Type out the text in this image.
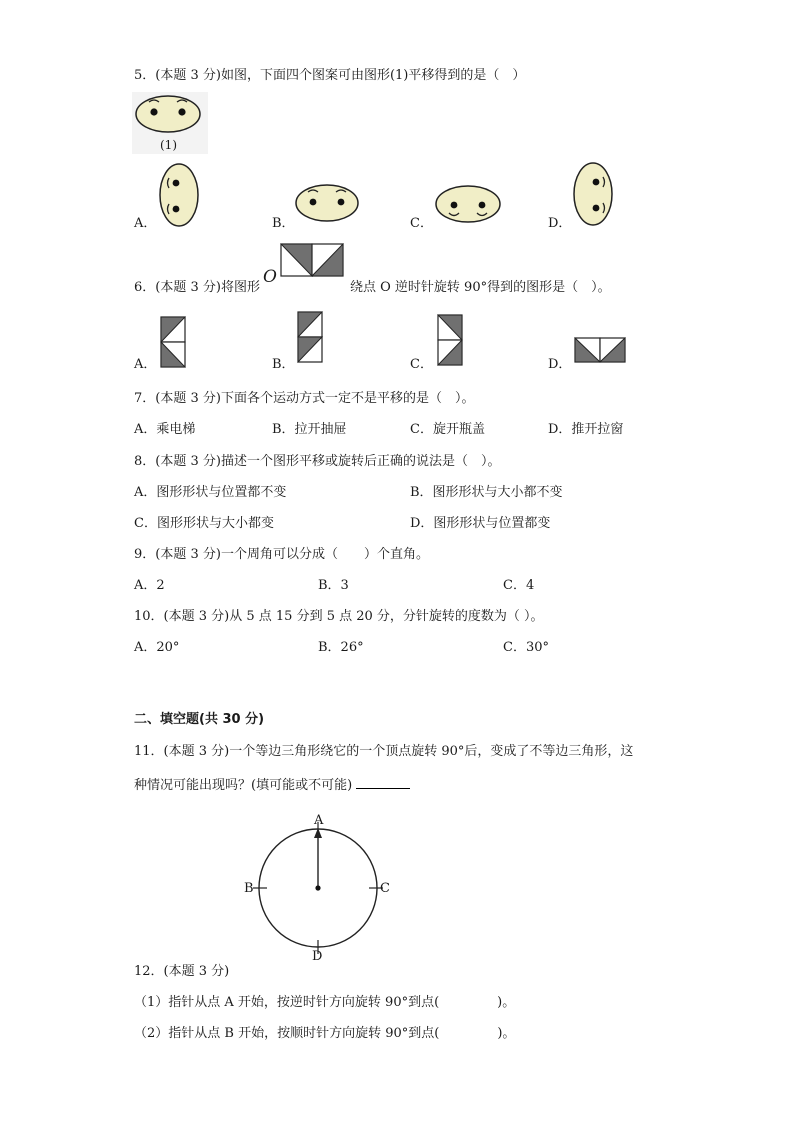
5．(本题 3 分)如图，下面四个图案可由图形(1)平移得到的是（　）
(1)
A．	B．	C．	D．
6．(本题 3 分)将图形
O
绕点 O 逆时针旋转 90°得到的图形是（　）。
A．	B．	C．	D．
7．(本题 3 分)下面各个运动方式一定不是平移的是（　）。
A．乘电梯	B．拉开抽屉	C．旋开瓶盖	D．推开拉窗
8．(本题 3 分)描述一个图形平移或旋转后正确的说法是（　）。
A．图形形状与位置都不变	B．图形形状与大小都不变
C．图形形状与大小都变	D．图形形状与位置都变
9．(本题 3 分)一个周角可以分成（　　）个直角。
A．2	B．3	C．4
10．(本题 3 分)从 5 点 15 分到 5 点 20 分，分针旋转的度数为（ ）。
A．20°	B．26°	C．30°
二、填空题(共 30 分)
11．(本题 3 分)一个等边三角形绕它的一个顶点旋转 90°后，变成了不等边三角形，这
种情况可能出现吗？(填可能或不可能)
A
B	C
D
12．(本题 3 分)
（1）指针从点 A 开始，按逆时针方向旋转 90°到点(	)。
（2）指针从点 B 开始，按顺时针方向旋转 90°到点(	)。
